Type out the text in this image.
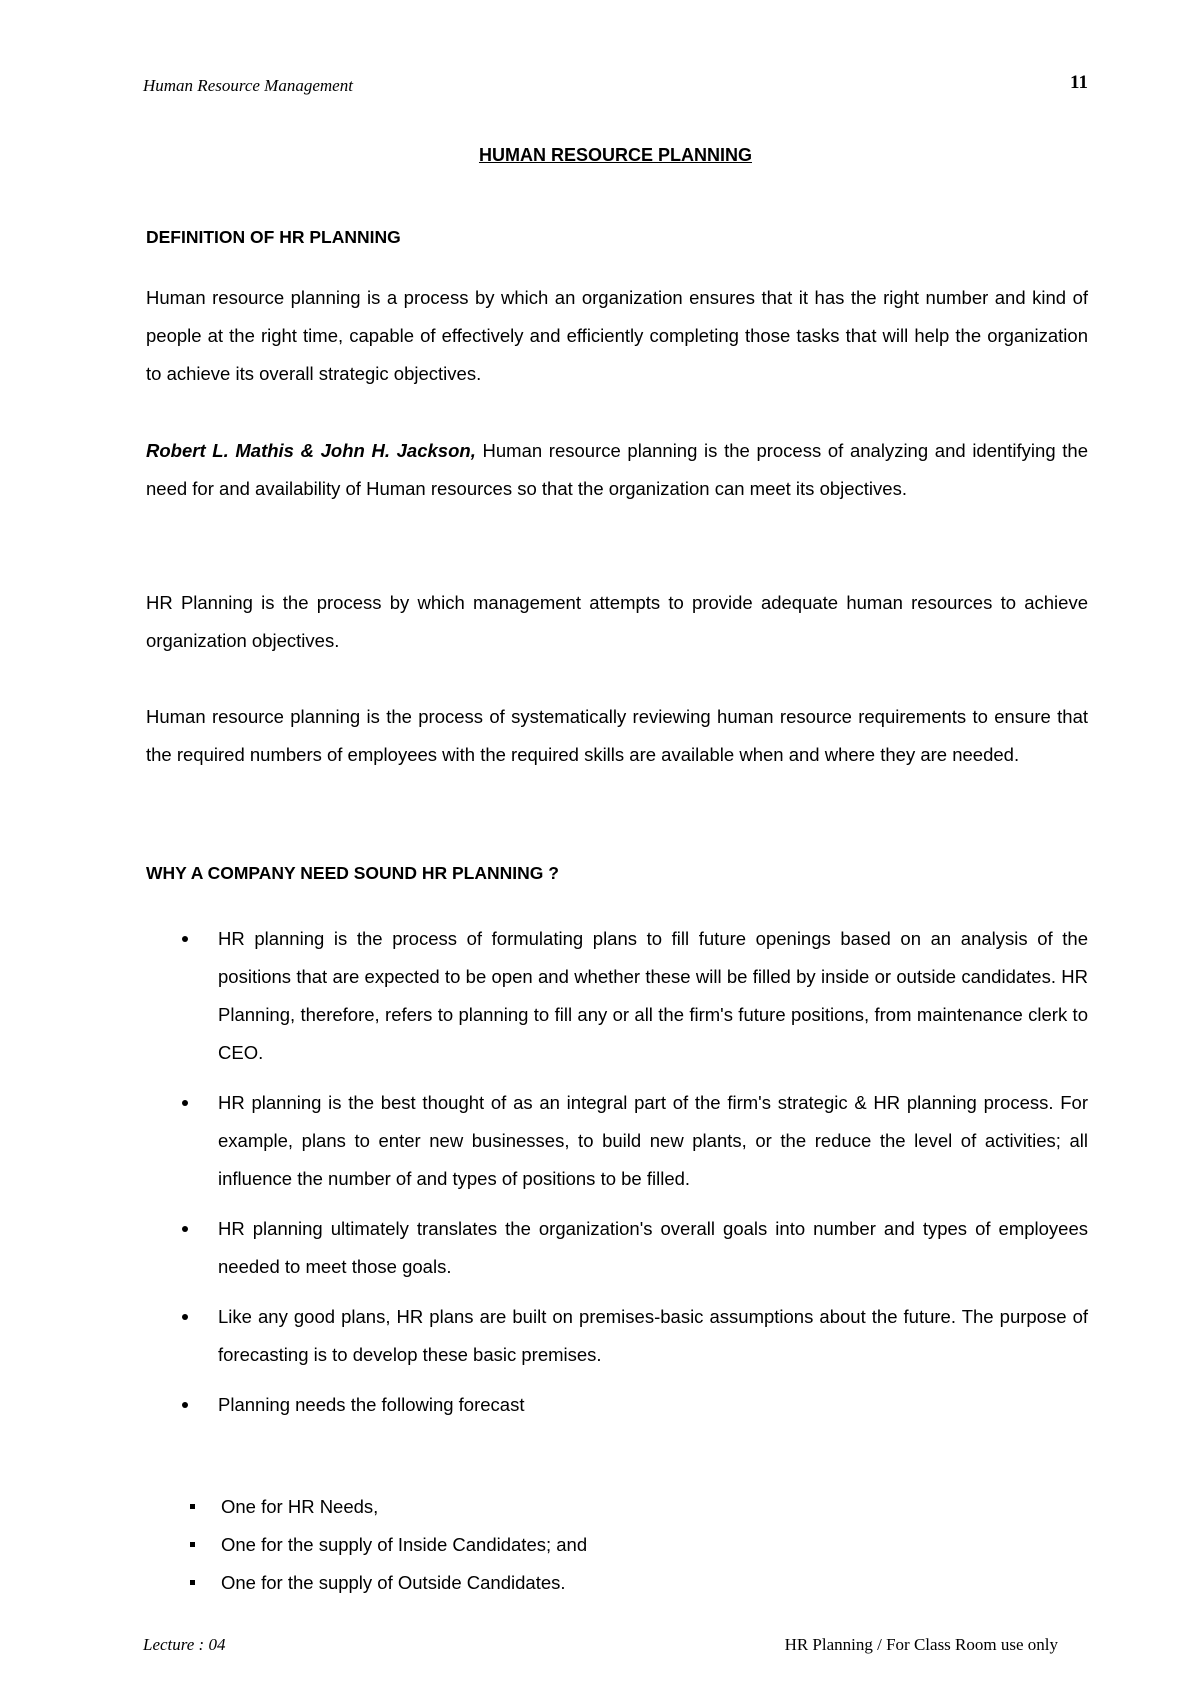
Human Resource Management	11
HUMAN RESOURCE PLANNING
DEFINITION OF HR PLANNING

Human resource planning is a process by which an organization ensures that it has the right number and kind of people at the right time, capable of effectively and efficiently completing those tasks that will help the organization to achieve its overall strategic objectives.

Robert L. Mathis & John H. Jackson, Human resource planning is the process of analyzing and identifying the need for and availability of Human resources so that the organization can meet its objectives.

HR Planning is the process by which management attempts to provide adequate human resources to achieve organization objectives.

Human resource planning is the process of systematically reviewing human resource requirements to ensure that the required numbers of employees with the required skills are available when and where they are needed.

WHY A COMPANY NEED SOUND HR PLANNING ?
HR planning is the process of formulating plans to fill future openings based on an analysis of the positions that are expected to be open and whether these will be filled by inside or outside candidates. HR Planning, therefore, refers to planning to fill any or all the firm's future positions, from maintenance clerk to CEO.
HR planning is the best thought of as an integral part of the firm's strategic & HR planning process. For example, plans to enter new businesses, to build new plants, or the reduce the level of activities; all influence the number of and types of positions to be filled.
HR planning ultimately translates the organization's overall goals into number and types of employees needed to meet those goals.
Like any good plans, HR plans are built on premises-basic assumptions about the future. The purpose of forecasting is to develop these basic premises.
Planning needs the following forecast
One for HR Needs,
One for the supply of Inside Candidates; and
One for the supply of Outside Candidates.
Lecture : 04	HR Planning / For Class Room use only
